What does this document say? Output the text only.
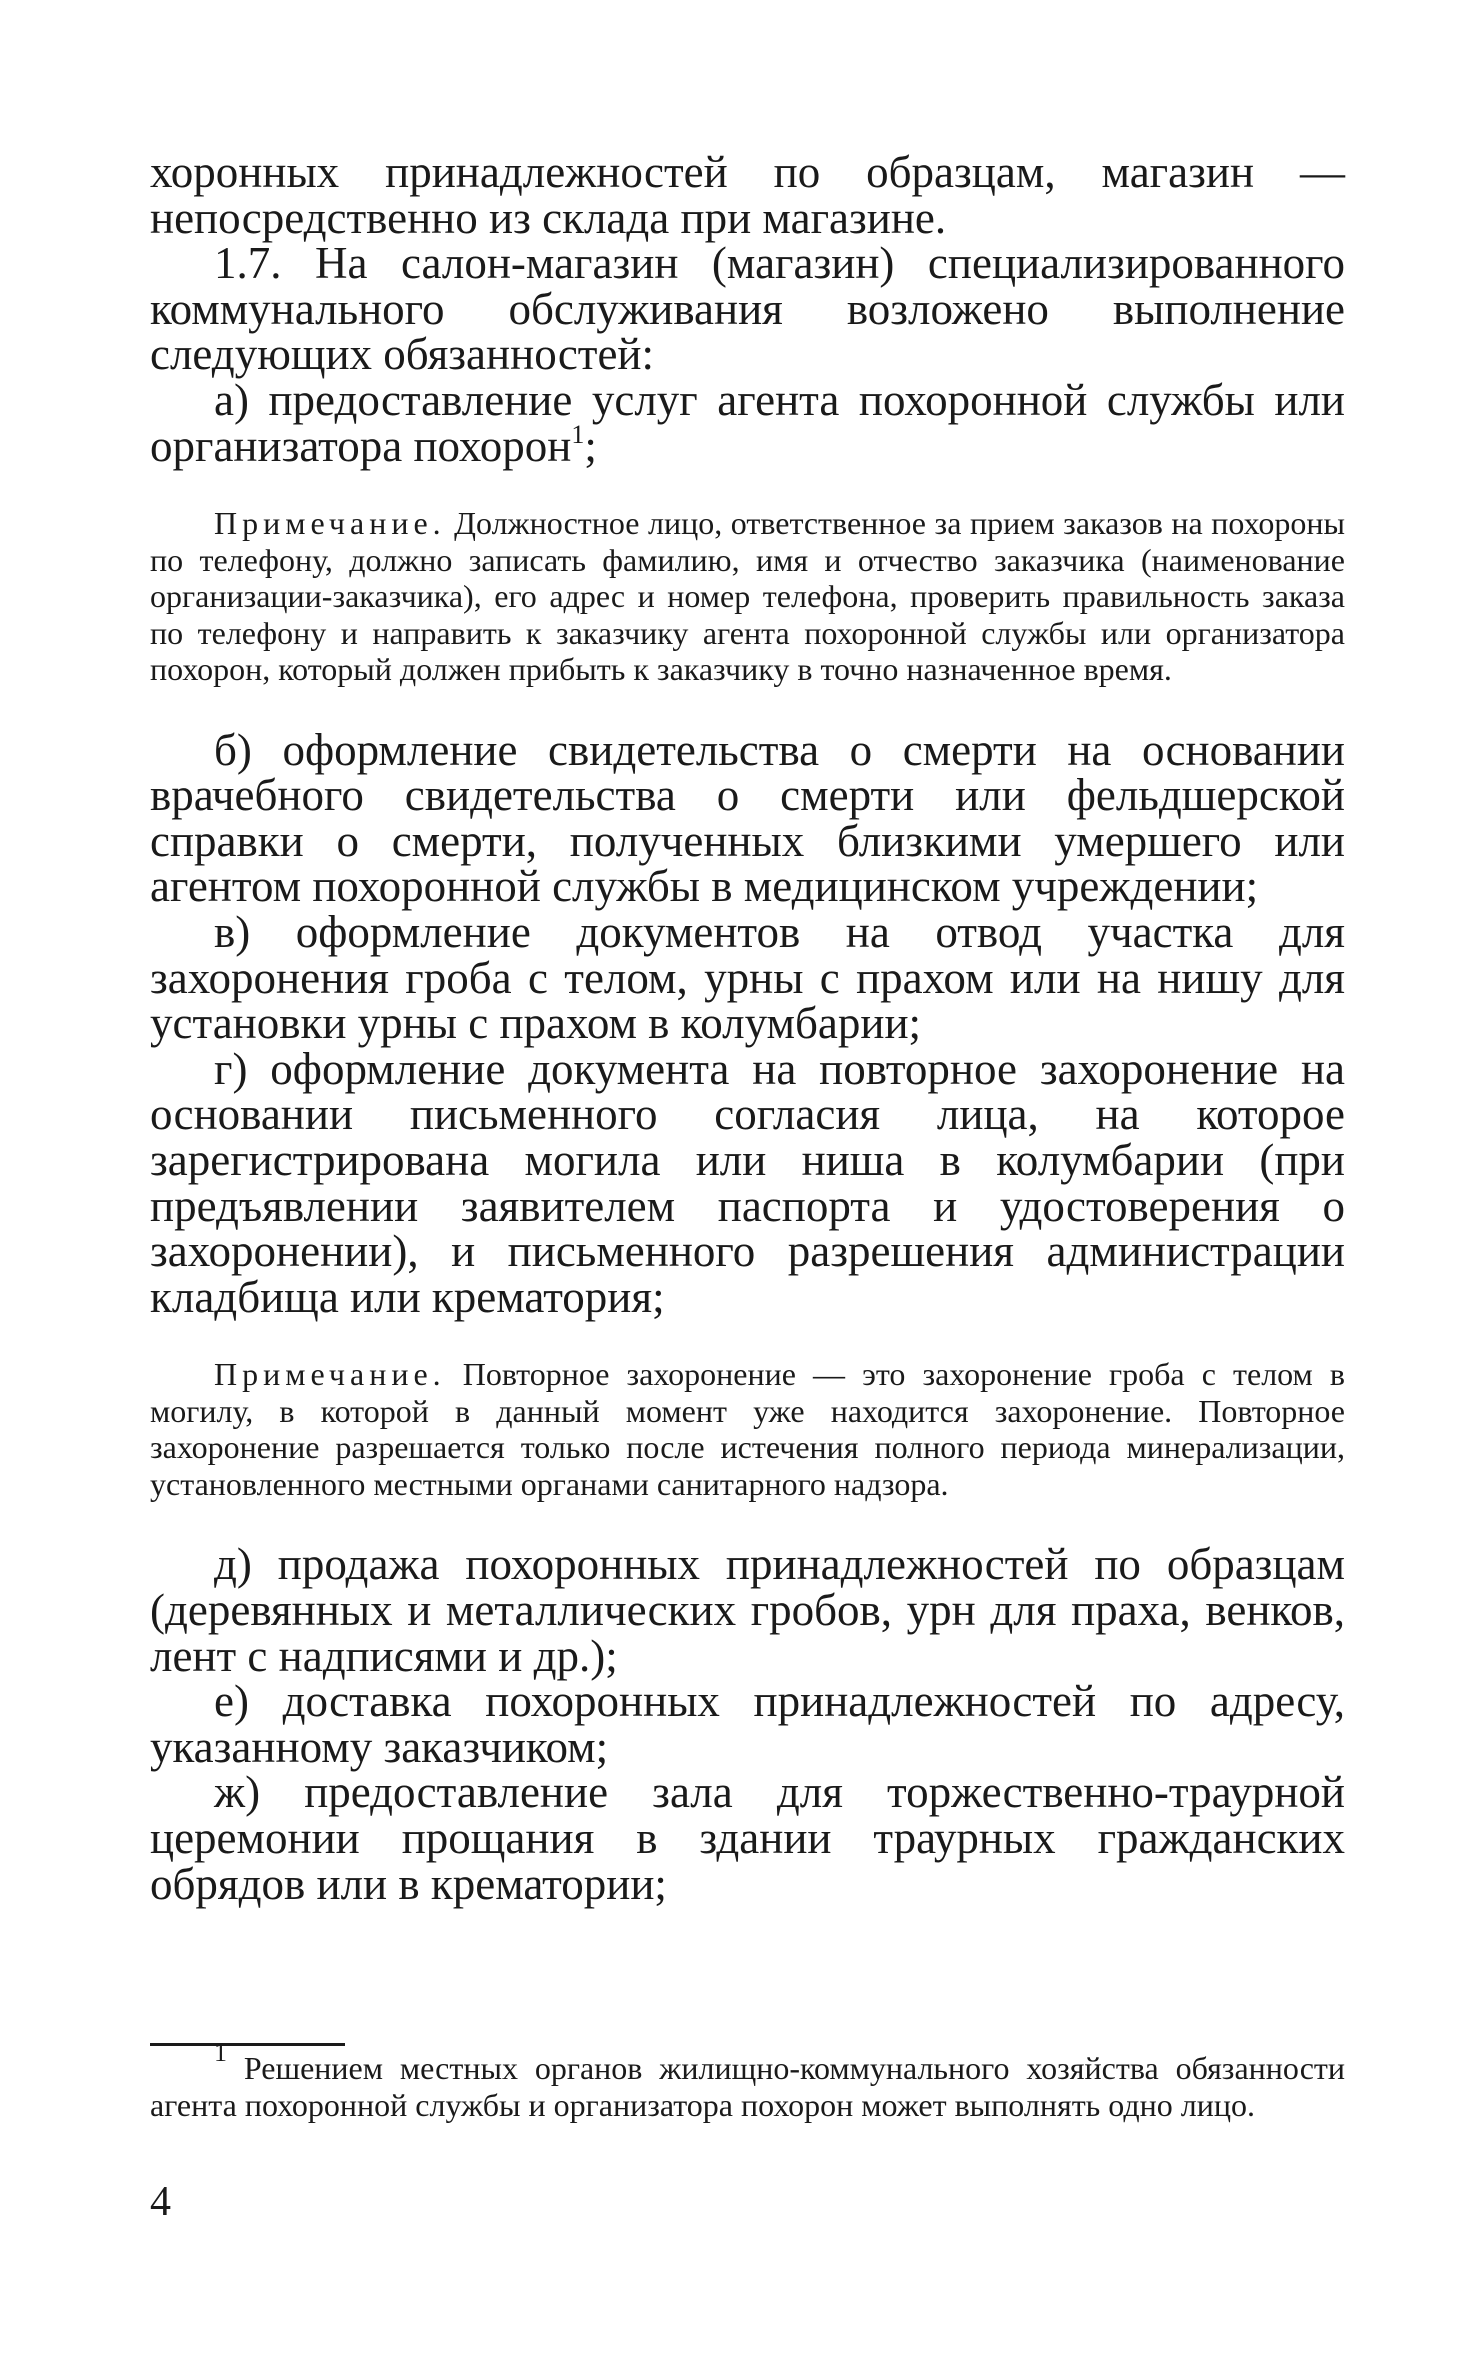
хоронных принадлежностей по образцам, магазин — непосредственно из склада при магазине.

1.7. На салон-магазин (магазин) специализированного коммунального обслуживания возложено выполнение следующих обязанностей:

а) предоставление услуг агента похоронной службы или организатора похорон$^1$;

Примечание. Должностное лицо, ответственное за прием заказов на похороны по телефону, должно записать фамилию, имя и отчество заказчика (наименование организации-заказчика), его адрес и номер телефона, проверить правильность заказа по телефону и направить к заказчику агента похоронной службы или организатора похорон, который должен прибыть к заказчику в точно назначенное время.

б) оформление свидетельства о смерти на основании врачебного свидетельства о смерти или фельдшерской справки о смерти, полученных близкими умершего или агентом похоронной службы в медицинском учреждении;

в) оформление документов на отвод участка для захоронения гроба с телом, урны с прахом или на нишу для установки урны с прахом в колумбарии;

г) оформление документа на повторное захоронение на основании письменного согласия лица, на которое зарегистрирована могила или ниша в колумбарии (при предъявлении заявителем паспорта и удостоверения о захоронении), и письменного разрешения администрации кладбища или крематория;

Примечание. Повторное захоронение — это захоронение гроба с телом в могилу, в которой в данный момент уже находится захоронение. Повторное захоронение разрешается только после истечения полного периода минерализации, установленного местными органами санитарного надзора.

д) продажа похоронных принадлежностей по образцам (деревянных и металлических гробов, урн для праха, венков, лент с надписями и др.);

е) доставка похоронных принадлежностей по адресу, указанному заказчиком;

ж) предоставление зала для торжественно-траурной церемонии прощания в здании траурных гражданских обрядов или в крематории;

$^1$ Решением местных органов жилищно-коммунального хозяйства обязанности агента похоронной службы и организатора похорон может выполнять одно лицо.

4
